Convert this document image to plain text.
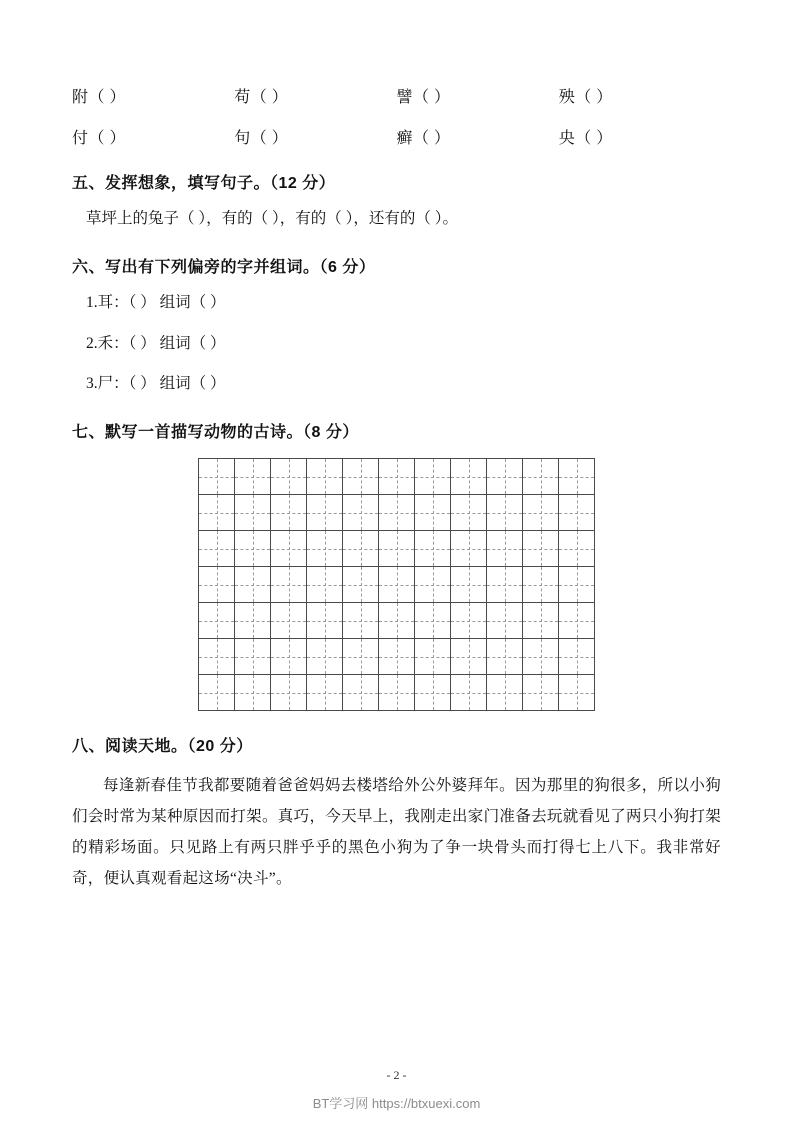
附（ ）	苟（ ）	譬（ ）	殃（ ）
付（ ）	句（ ）	癣（ ）	央（ ）
五、发挥想象，填写句子。（12 分）
草坪上的兔子（ ），有的（ ），有的（ ），还有的（ ）。
六、写出有下列偏旁的字并组词。（6 分）
1.耳：（ ） 组词（ ）
2.禾：（ ） 组词（ ）
3.尸：（ ） 组词（ ）
七、默写一首描写动物的古诗。（8 分）

八、阅读天地。（20 分）
每逢新春佳节我都要随着爸爸妈妈去楼塔给外公外婆拜年。因为那里的狗很多，所以小狗们会时常为某种原因而打架。真巧，今天早上，我刚走出家门准备去玩就看见了两只小狗打架的精彩场面。只见路上有两只胖乎乎的黑色小狗为了争一块骨头而打得七上八下。我非常好奇，便认真观看起这场“决斗”。
- 2 -
BT学习网 https://btxuexi.com
